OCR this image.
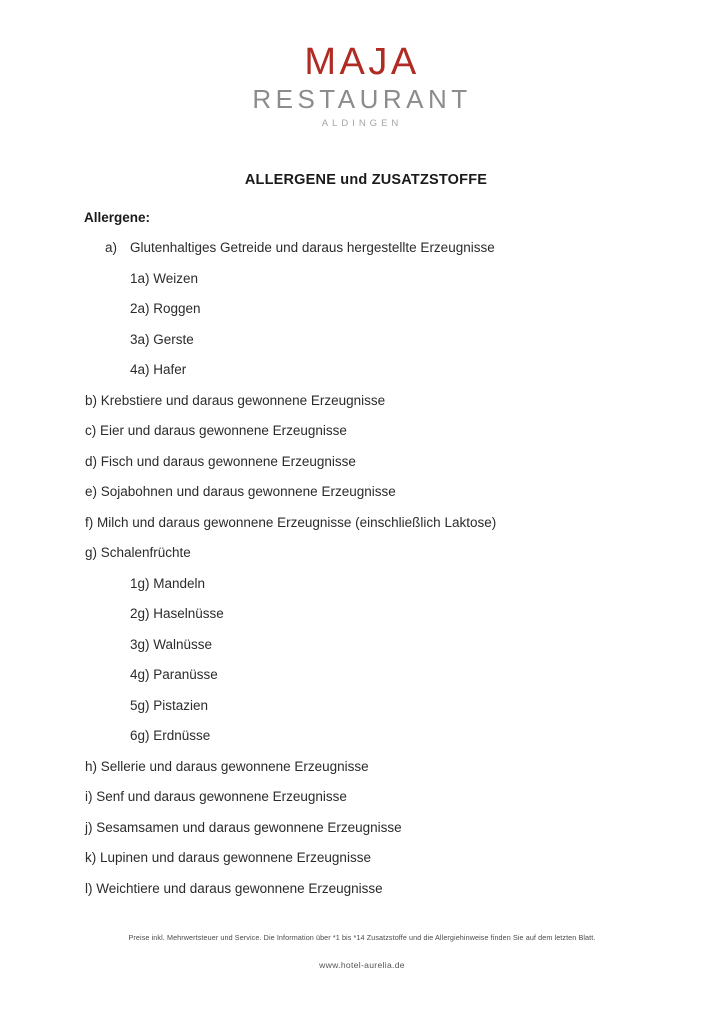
MAJA
RESTAURANT
ALDINGEN
ALLERGENE und ZUSATZSTOFFE
Allergene:
a) Glutenhaltiges Getreide und daraus hergestellte Erzeugnisse
1a) Weizen
2a) Roggen
3a) Gerste
4a) Hafer
b) Krebstiere und daraus gewonnene Erzeugnisse
c) Eier und daraus gewonnene Erzeugnisse
d) Fisch und daraus gewonnene Erzeugnisse
e) Sojabohnen und daraus gewonnene Erzeugnisse
f) Milch und daraus gewonnene Erzeugnisse (einschließlich Laktose)
g) Schalenfrüchte
1g) Mandeln
2g) Haselnüsse
3g) Walnüsse
4g) Paranüsse
5g) Pistazien
6g) Erdnüsse
h) Sellerie und daraus gewonnene Erzeugnisse
i) Senf und daraus gewonnene Erzeugnisse
j) Sesamsamen und daraus gewonnene Erzeugnisse
k) Lupinen und daraus gewonnene Erzeugnisse
l) Weichtiere und daraus gewonnene Erzeugnisse

Preise inkl. Mehrwertsteuer und Service. Die Information über *1 bis *14 Zusatzstoffe und die Allergiehinweise finden Sie auf dem letzten Blatt.

www.hotel-aurelia.de
